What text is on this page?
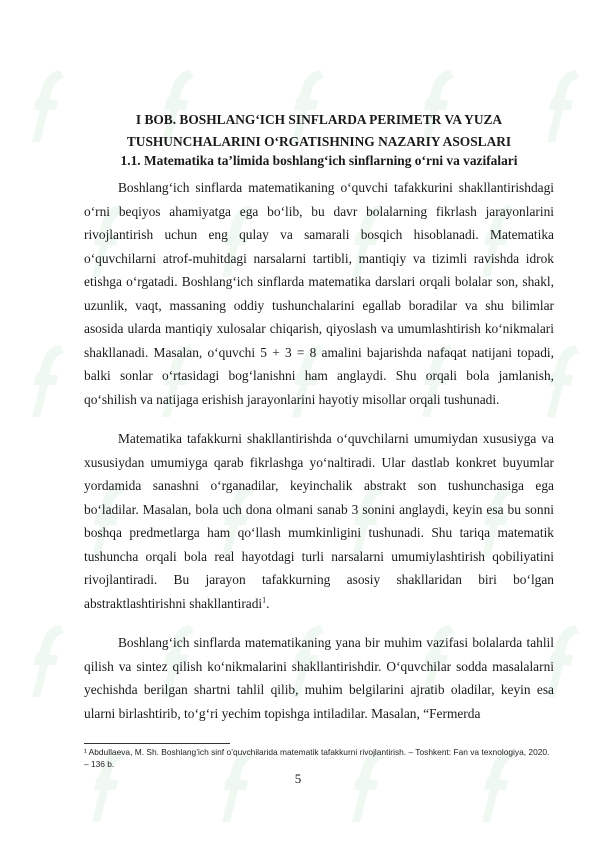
I BOB. BOSHLANG‘ICH SINFLARDA PERIMETR VA YUZA TUSHUNCHALARINI O‘RGATISHNING NAZARIY ASOSLARI
1.1. Matematika ta’limida boshlang‘ich sinflarning o‘rni va vazifalari

Boshlang‘ich sinflarda matematikaning o‘quvchi tafakkurini shakllantirishdagi o‘rni beqiyos ahamiyatga ega bo‘lib, bu davr bolalarning fikrlash jarayonlarini rivojlantirish uchun eng qulay va samarali bosqich hisoblanadi. Matematika o‘quvchilarni atrof-muhitdagi narsalarni tartibli, mantiqiy va tizimli ravishda idrok etishga o‘rgatadi. Boshlang‘ich sinflarda matematika darslari orqali bolalar son, shakl, uzunlik, vaqt, massaning oddiy tushunchalarini egallab boradilar va shu bilimlar asosida ularda mantiqiy xulosalar chiqarish, qiyoslash va umumlashtirish ko‘nikmalari shakllanadi. Masalan, o‘quvchi 5 + 3 = 8 amalini bajarishda nafaqat natijani topadi, balki sonlar o‘rtasidagi bog‘lanishni ham anglaydi. Shu orqali bola jamlanish, qo‘shilish va natijaga erishish jarayonlarini hayotiy misollar orqali tushunadi.

Matematika tafakkurni shakllantirishda o‘quvchilarni umumiydan xususiyga va xususiydan umumiyga qarab fikrlashga yo‘naltiradi. Ular dastlab konkret buyumlar yordamida sanashni o‘rganadilar, keyinchalik abstrakt son tushunchasiga ega bo‘ladilar. Masalan, bola uch dona olmani sanab 3 sonini anglaydi, keyin esa bu sonni boshqa predmetlarga ham qo‘llash mumkinligini tushunadi. Shu tariqa matematik tushuncha orqali bola real hayotdagi turli narsalarni umumiylashtirish qobiliyatini rivojlantiradi. Bu jarayon tafakkurning asosiy shakllaridan biri bo‘lgan abstraktlashtirishni shakllantiradi$^1$.

Boshlang‘ich sinflarda matematikaning yana bir muhim vazifasi bolalarda tahlil qilish va sintez qilish ko‘nikmalarini shakllantirishdir. O‘quvchilar sodda masalalarni yechishda berilgan shartni tahlil qilib, muhim belgilarini ajratib oladilar, keyin esa ularni birlashtirib, to‘g‘ri yechim topishga intiladilar. Masalan, “Fermerda

¹ Abdullaeva, M. Sh. Boshlang’ich sinf o’quvchilarida matematik tafakkurni rivojlantirish. – Toshkent: Fan va texnologiya, 2020. – 136 b.

5
